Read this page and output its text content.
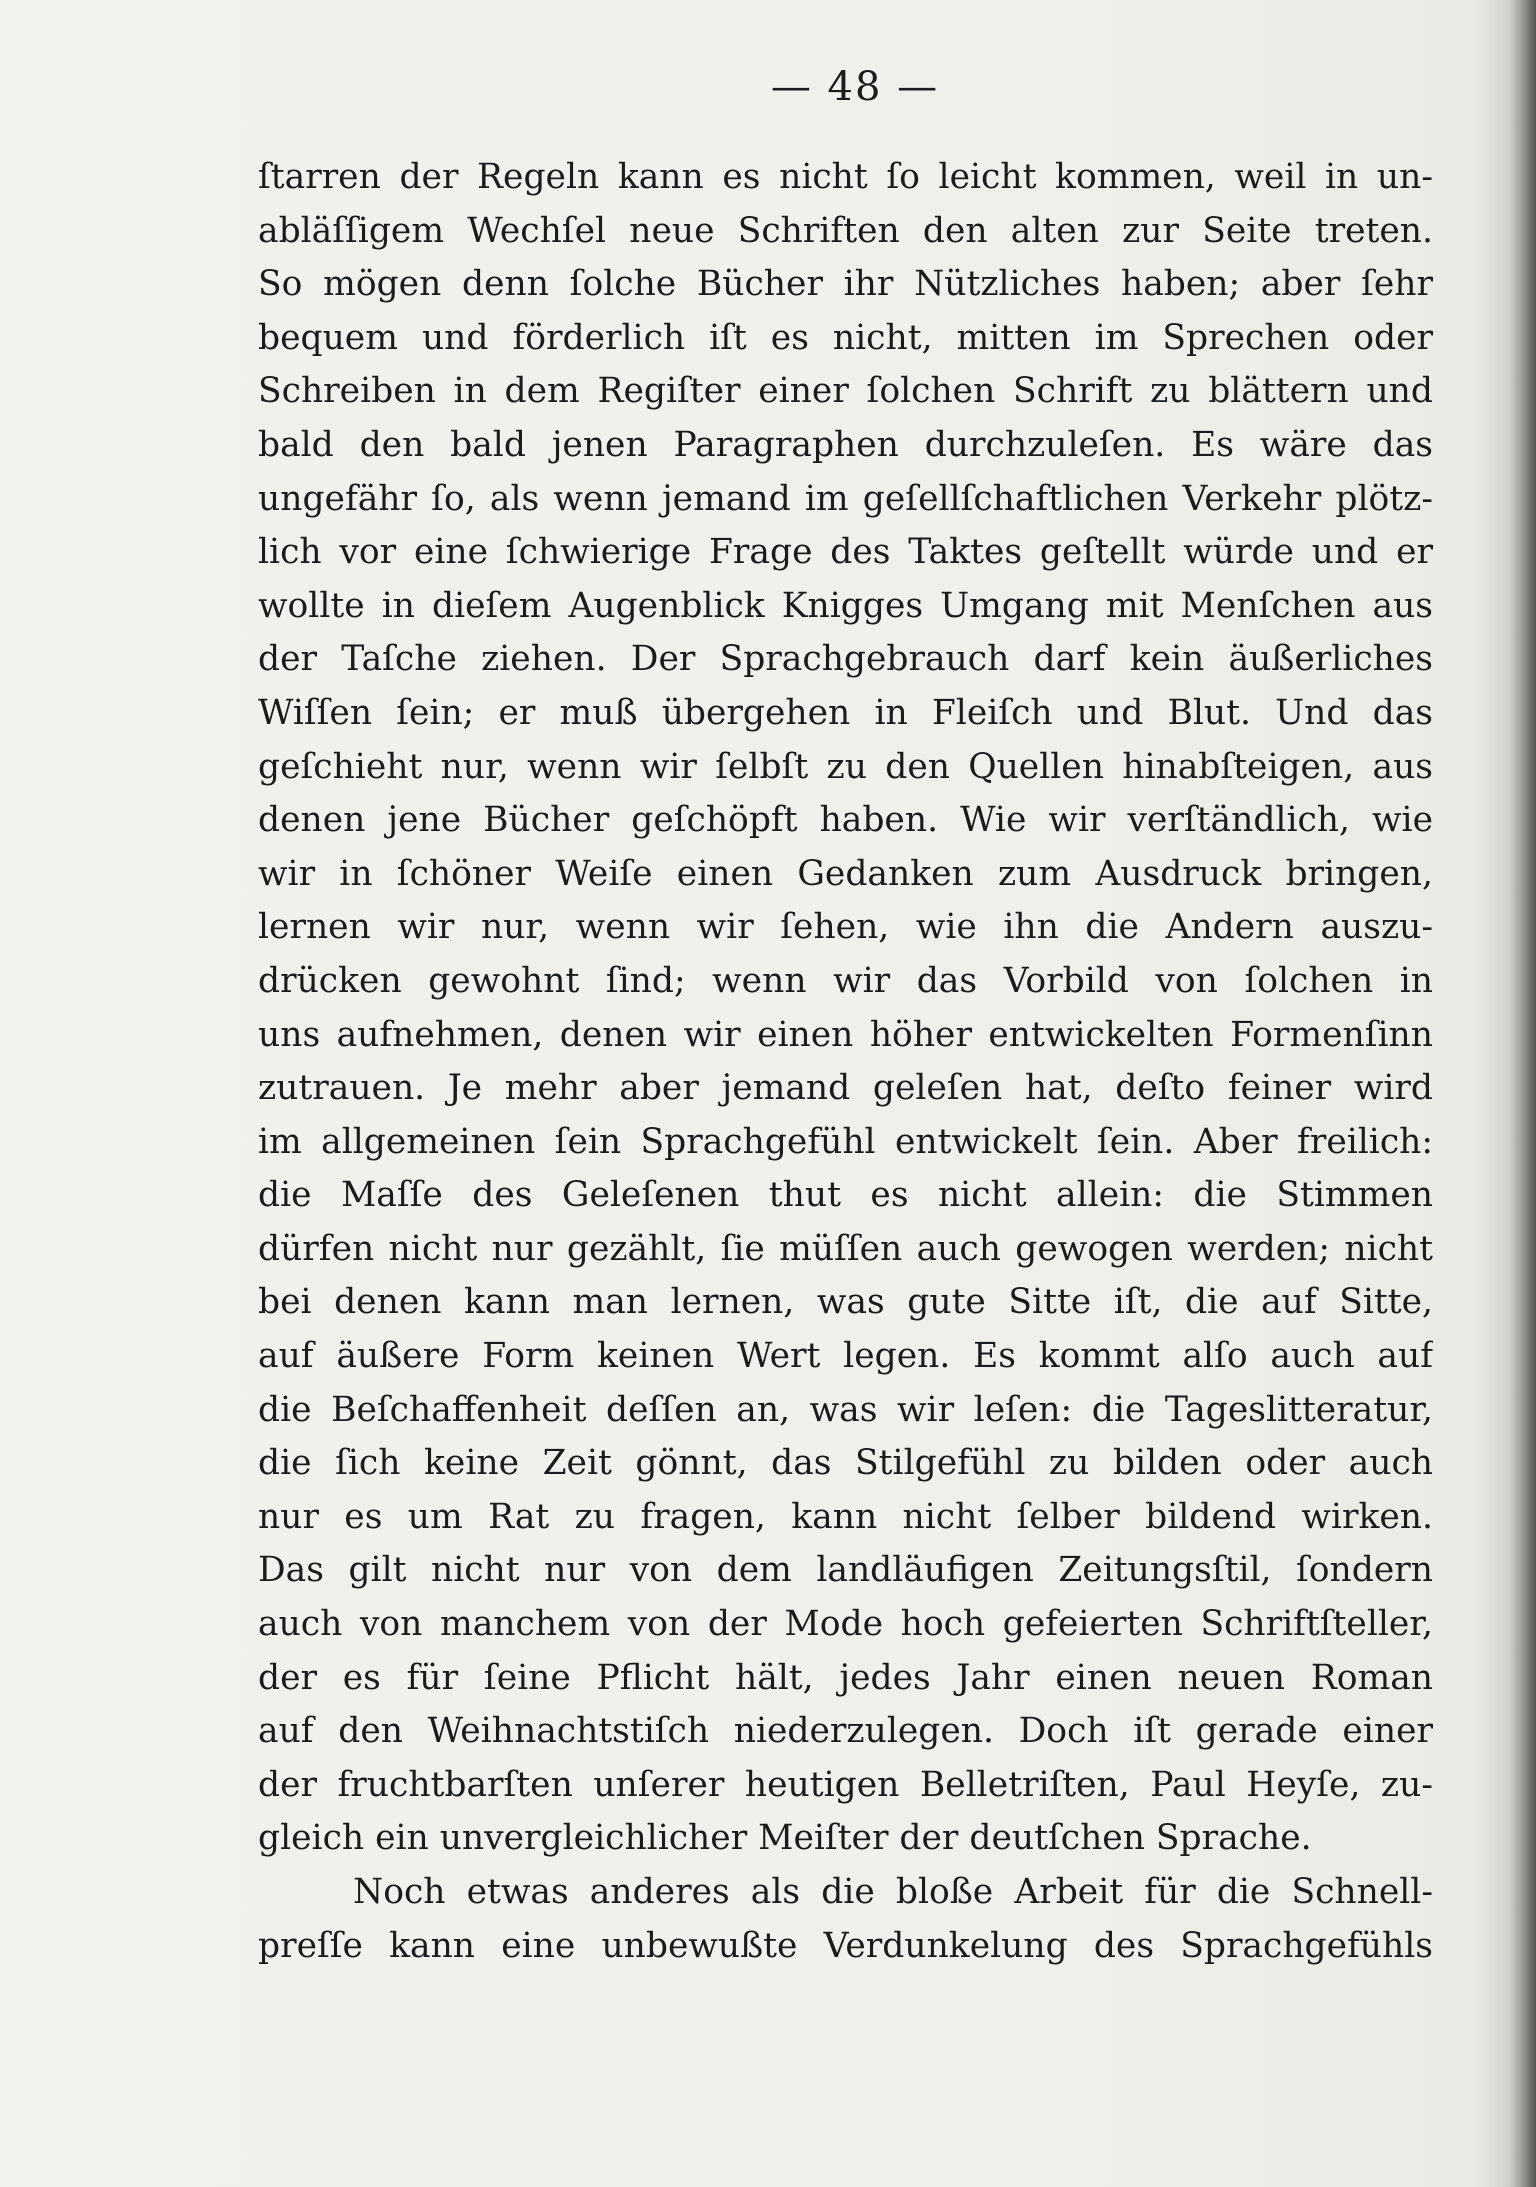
— 48 —
ſtarren der Regeln kann es nicht ſo leicht kommen, weil in un-
abläſſigem Wechſel neue Schriften den alten zur Seite treten.
So mögen denn ſolche Bücher ihr Nützliches haben; aber ſehr
bequem und förderlich iſt es nicht, mitten im Sprechen oder
Schreiben in dem Regiſter einer ſolchen Schrift zu blättern und
bald den bald jenen Paragraphen durchzuleſen. Es wäre das
ungefähr ſo, als wenn jemand im geſellſchaftlichen Verkehr plötz-
lich vor eine ſchwierige Frage des Taktes geſtellt würde und er
wollte in dieſem Augenblick Knigges Umgang mit Menſchen aus
der Taſche ziehen. Der Sprachgebrauch darf kein äußerliches
Wiſſen ſein; er muß übergehen in Fleiſch und Blut. Und das
geſchieht nur, wenn wir ſelbſt zu den Quellen hinabſteigen, aus
denen jene Bücher geſchöpft haben. Wie wir verſtändlich, wie
wir in ſchöner Weiſe einen Gedanken zum Ausdruck bringen,
lernen wir nur, wenn wir ſehen, wie ihn die Andern auszu-
drücken gewohnt ſind; wenn wir das Vorbild von ſolchen in
uns aufnehmen, denen wir einen höher entwickelten Formenſinn
zutrauen. Je mehr aber jemand geleſen hat, deſto feiner wird
im allgemeinen ſein Sprachgefühl entwickelt ſein. Aber freilich:
die Maſſe des Geleſenen thut es nicht allein: die Stimmen
dürfen nicht nur gezählt, ſie müſſen auch gewogen werden; nicht
bei denen kann man lernen, was gute Sitte iſt, die auf Sitte,
auf äußere Form keinen Wert legen. Es kommt alſo auch auf
die Beſchaffenheit deſſen an, was wir leſen: die Tageslitteratur,
die ſich keine Zeit gönnt, das Stilgefühl zu bilden oder auch
nur es um Rat zu fragen, kann nicht ſelber bildend wirken.
Das gilt nicht nur von dem landläufigen Zeitungsſtil, ſondern
auch von manchem von der Mode hoch gefeierten Schriftſteller,
der es für ſeine Pflicht hält, jedes Jahr einen neuen Roman
auf den Weihnachtstiſch niederzulegen. Doch iſt gerade einer
der fruchtbarſten unſerer heutigen Belletriſten, Paul Heyſe, zu-
gleich ein unvergleichlicher Meiſter der deutſchen Sprache.
Noch etwas anderes als die bloße Arbeit für die Schnell-
preſſe kann eine unbewußte Verdunkelung des Sprachgefühls
